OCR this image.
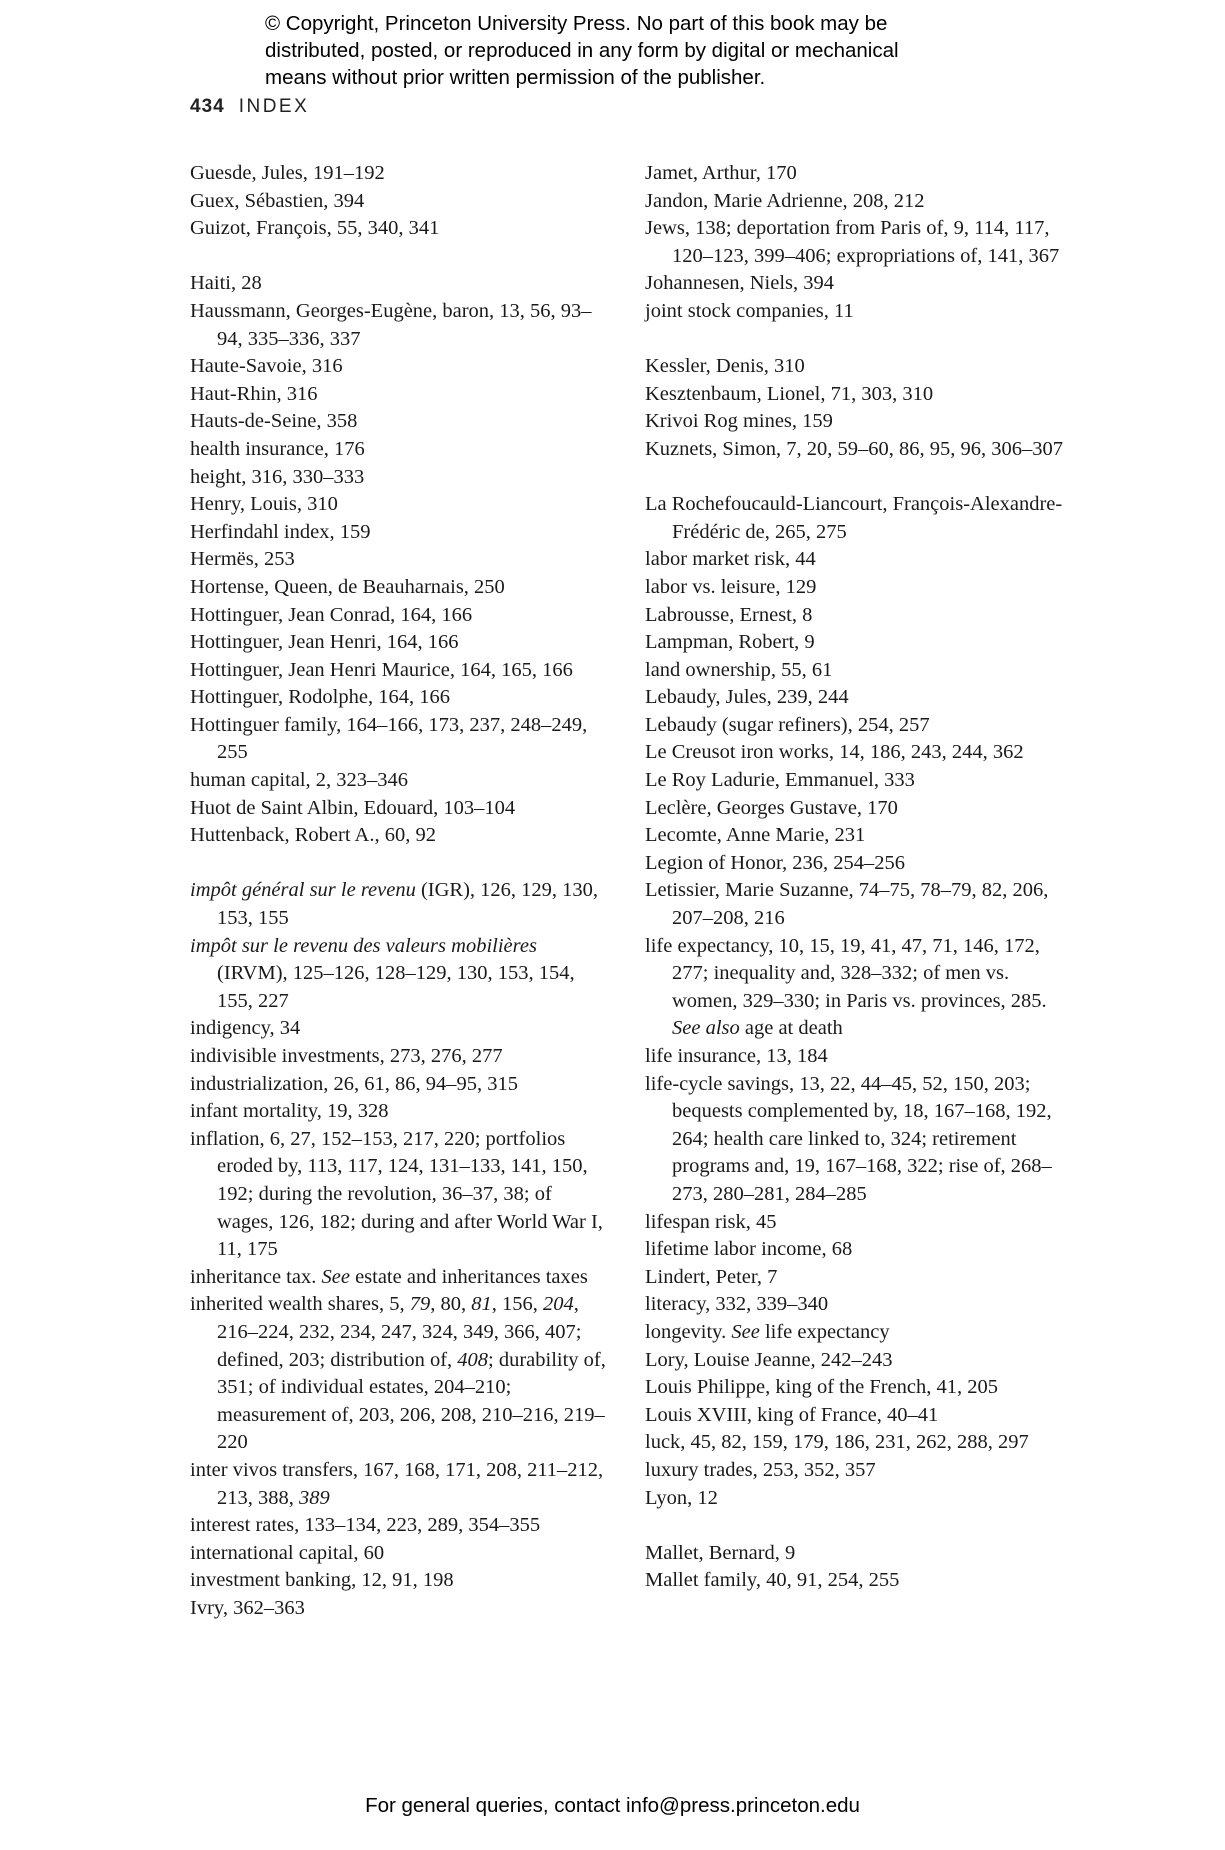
© Copyright, Princeton University Press. No part of this book may be
distributed, posted, or reproduced in any form by digital or mechanical
means without prior written permission of the publisher.
434 INDEX

Guesde, Jules, 191–192

Guex, Sébastien, 394

Guizot, François, 55, 340, 341

Haiti, 28

Haussmann, Georges-Eugène, baron, 13, 56, 93–94, 335–336, 337

Haute-Savoie, 316

Haut-Rhin, 316

Hauts-de-Seine, 358

health insurance, 176

height, 316, 330–333

Henry, Louis, 310

Herfindahl index, 159

Hermës, 253

Hortense, Queen, de Beauharnais, 250

Hottinguer, Jean Conrad, 164, 166

Hottinguer, Jean Henri, 164, 166

Hottinguer, Jean Henri Maurice, 164, 165, 166

Hottinguer, Rodolphe, 164, 166

Hottinguer family, 164–166, 173, 237, 248–249, 255

human capital, 2, 323–346

Huot de Saint Albin, Edouard, 103–104

Huttenback, Robert A., 60, 92

impôt général sur le revenu (IGR), 126, 129, 130, 153, 155

impôt sur le revenu des valeurs mobilières (IRVM), 125–126, 128–129, 130, 153, 154, 155, 227

indigency, 34

indivisible investments, 273, 276, 277

industrialization, 26, 61, 86, 94–95, 315

infant mortality, 19, 328

inflation, 6, 27, 152–153, 217, 220; portfolios eroded by, 113, 117, 124, 131–133, 141, 150, 192; during the revolution, 36–37, 38; of wages, 126, 182; during and after World War I, 11, 175

inheritance tax. See estate and inheritances taxes

inherited wealth shares, 5, 79, 80, 81, 156, 204, 216–224, 232, 234, 247, 324, 349, 366, 407; defined, 203; distribution of, 408; durability of, 351; of individual estates, 204–210; measurement of, 203, 206, 208, 210–216, 219–220

inter vivos transfers, 167, 168, 171, 208, 211–212, 213, 388, 389

interest rates, 133–134, 223, 289, 354–355

international capital, 60

investment banking, 12, 91, 198

Ivry, 362–363

Jamet, Arthur, 170

Jandon, Marie Adrienne, 208, 212

Jews, 138; deportation from Paris of, 9, 114, 117, 120–123, 399–406; expropriations of, 141, 367

Johannesen, Niels, 394

joint stock companies, 11

Kessler, Denis, 310

Kesztenbaum, Lionel, 71, 303, 310

Krivoi Rog mines, 159

Kuznets, Simon, 7, 20, 59–60, 86, 95, 96, 306–307

La Rochefoucauld-Liancourt, François-Alexandre-Frédéric de, 265, 275

labor market risk, 44

labor vs. leisure, 129

Labrousse, Ernest, 8

Lampman, Robert, 9

land ownership, 55, 61

Lebaudy, Jules, 239, 244

Lebaudy (sugar refiners), 254, 257

Le Creusot iron works, 14, 186, 243, 244, 362

Le Roy Ladurie, Emmanuel, 333

Leclère, Georges Gustave, 170

Lecomte, Anne Marie, 231

Legion of Honor, 236, 254–256

Letissier, Marie Suzanne, 74–75, 78–79, 82, 206, 207–208, 216

life expectancy, 10, 15, 19, 41, 47, 71, 146, 172, 277; inequality and, 328–332; of men vs. women, 329–330; in Paris vs. provinces, 285. See also age at death

life insurance, 13, 184

life-cycle savings, 13, 22, 44–45, 52, 150, 203; bequests complemented by, 18, 167–168, 192, 264; health care linked to, 324; retirement programs and, 19, 167–168, 322; rise of, 268–273, 280–281, 284–285

lifespan risk, 45

lifetime labor income, 68

Lindert, Peter, 7

literacy, 332, 339–340

longevity. See life expectancy

Lory, Louise Jeanne, 242–243

Louis Philippe, king of the French, 41, 205

Louis XVIII, king of France, 40–41

luck, 45, 82, 159, 179, 186, 231, 262, 288, 297

luxury trades, 253, 352, 357

Lyon, 12

Mallet, Bernard, 9

Mallet family, 40, 91, 254, 255

For general queries, contact info@press.princeton.edu
